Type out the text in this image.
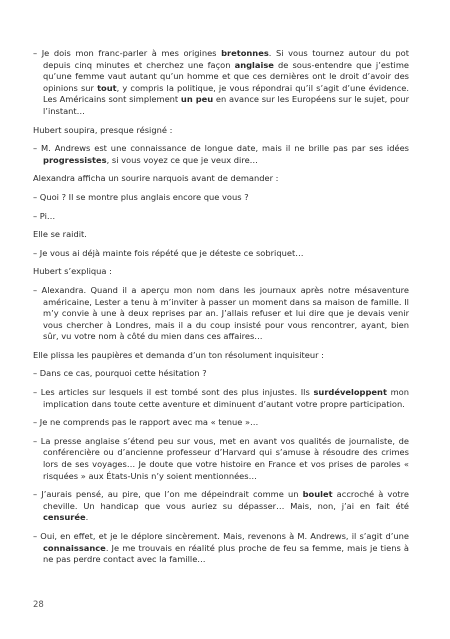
– Je dois mon franc-parler à mes origines bretonnes. Si vous tournez autour du pot depuis cinq minutes et cherchez une façon anglaise de sous-entendre que j’estime qu’une femme vaut autant qu’un homme et que ces dernières ont le droit d’avoir des opinions sur tout, y compris la politique, je vous répondrai qu’il s’agit d’une évidence. Les Américains sont simplement un peu en avance sur les Européens sur le sujet, pour l’instant…

Hubert soupira, presque résigné :

– M. Andrews est une connaissance de longue date, mais il ne brille pas par ses idées progressistes, si vous voyez ce que je veux dire…

Alexandra afficha un sourire narquois avant de demander :

– Quoi ? Il se montre plus anglais encore que vous ?

– Pi…

Elle se raidit.

– Je vous ai déjà mainte fois répété que je déteste ce sobriquet…

Hubert s’expliqua :

– Alexandra. Quand il a aperçu mon nom dans les journaux après notre mésaventure américaine, Lester a tenu à m’inviter à passer un moment dans sa maison de famille. Il m’y convie à une à deux reprises par an. J’allais refuser et lui dire que je devais venir vous chercher à Londres, mais il a du coup insisté pour vous rencontrer, ayant, bien sûr, vu votre nom à côté du mien dans ces affaires…

Elle plissa les paupières et demanda d’un ton résolument inquisiteur :

– Dans ce cas, pourquoi cette hésitation ?

– Les articles sur lesquels il est tombé sont des plus injustes. Ils surdéveloppent mon implication dans toute cette aventure et diminuent d’autant votre propre participation.

– Je ne comprends pas le rapport avec ma « tenue »…

– La presse anglaise s’étend peu sur vous, met en avant vos qualités de journaliste, de conférencière ou d’ancienne professeur d’Harvard qui s’amuse à résoudre des crimes lors de ses voyages… Je doute que votre histoire en France et vos prises de paroles « risquées » aux États-Unis n’y soient mentionnées…

– J’aurais pensé, au pire, que l’on me dépeindrait comme un boulet accroché à votre cheville. Un handicap que vous auriez su dépasser… Mais, non, j’ai en fait été censurée.

– Oui, en effet, et je le déplore sincèrement. Mais, revenons à M. Andrews, il s’agit d’une connaissance. Je me trouvais en réalité plus proche de feu sa femme, mais je tiens à ne pas perdre contact avec la famille…

28
